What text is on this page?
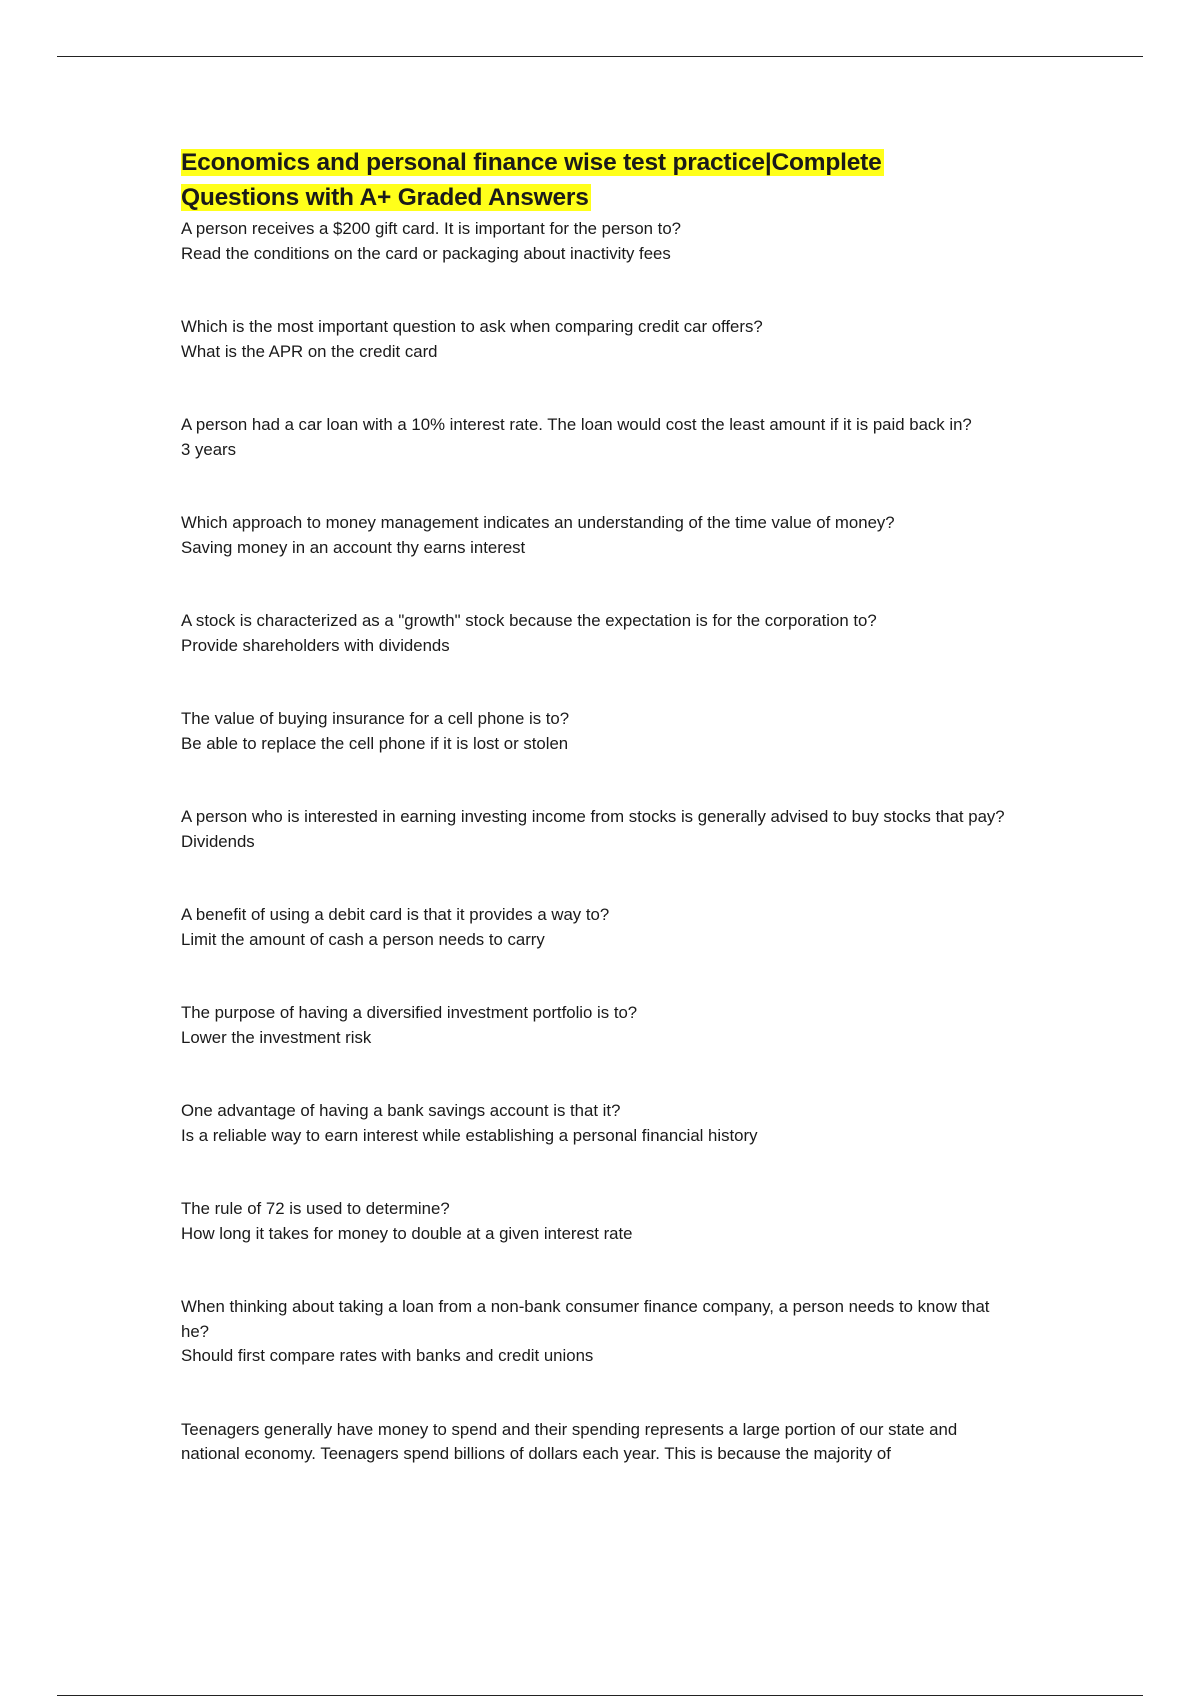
Economics and personal finance wise test practice|Complete
Questions with A+ Graded Answers

A person receives a $200 gift card. It is important for the person to?

Read the conditions on the card or packaging about inactivity fees

Which is the most important question to ask when comparing credit car offers?

What is the APR on the credit card

A person had a car loan with a 10% interest rate. The loan would cost the least amount if it is paid back in?

3 years

Which approach to money management indicates an understanding of the time value of money?

Saving money in an account thy earns interest

A stock is characterized as a "growth" stock because the expectation is for the corporation to?

Provide shareholders with dividends

The value of buying insurance for a cell phone is to?

Be able to replace the cell phone if it is lost or stolen

A person who is interested in earning investing income from stocks is generally advised to buy stocks that pay?

Dividends

A benefit of using a debit card is that it provides a way to?

Limit the amount of cash a person needs to carry

The purpose of having a diversified investment portfolio is to?

Lower the investment risk

One advantage of having a bank savings account is that it?

Is a reliable way to earn interest while establishing a personal financial history

The rule of 72 is used to determine?

How long it takes for money to double at a given interest rate

When thinking about taking a loan from a non-bank consumer finance company, a person needs to know that he?

Should first compare rates with banks and credit unions

Teenagers generally have money to spend and their spending represents a large portion of our state and national economy. Teenagers spend billions of dollars each year. This is because the majority of
